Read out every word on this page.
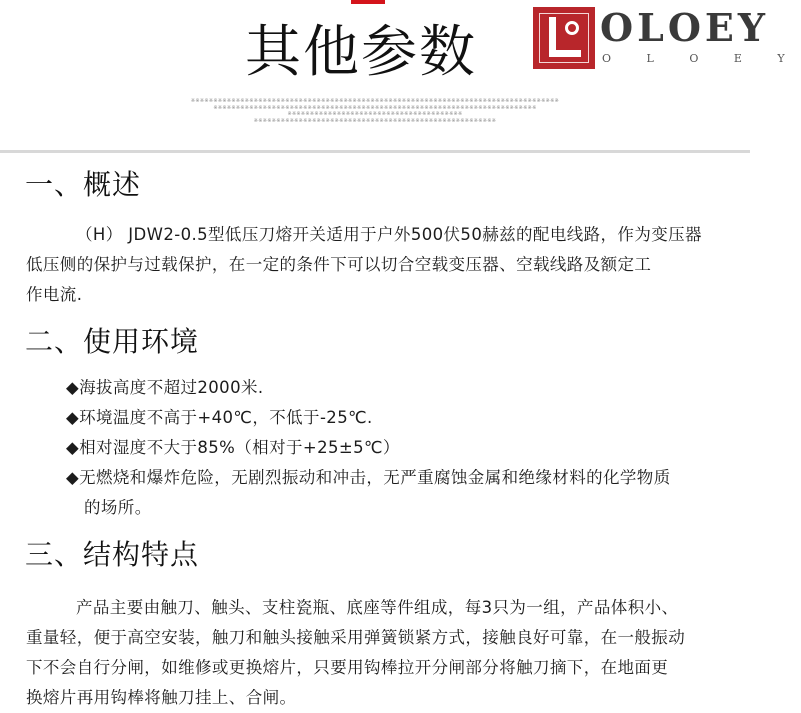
其他参数	OLOEY
O L O E Y
※※※※※※※※※※※※※※※※※※※※※※※※※※※※※※※※※※※※※※※※※※※※※※※※※※※※※※※※※※※※※※※※※※※※※※※※※※※※※※※※※※
※※※※※※※※※※※※※※※※※※※※※※※※※※※※※※※※※※※※※※※※※※※※※※※※※※※※※※※※※※※※※※※※※※※※※※※※
※※※※※※※※※※※※※※※※※※※※※※※※※※※※※※※※※※※※※※※
※※※※※※※※※※※※※※※※※※※※※※※※※※※※※※※※※※※※※※※※※※※※※※※※※※※※※※
一、概述
（H） JDW2-0.5型低压刀熔开关适用于户外500伏50赫兹的配电线路，作为变压器
低压侧的保护与过载保护，在一定的条件下可以切合空载变压器、空载线路及额定工
作电流.
二、使用环境
◆海拔高度不超过2000米.
◆环境温度不高于+40℃，不低于-25℃.
◆相对湿度不大于85%（相对于+25±5℃）
◆无燃烧和爆炸危险，无剧烈振动和冲击，无严重腐蚀金属和绝缘材料的化学物质
的场所。
三、结构特点
产品主要由触刀、触头、支柱瓷瓶、底座等件组成，每3只为一组，产品体积小、
重量轻，便于高空安装，触刀和触头接触采用弹簧锁紧方式，接触良好可靠，在一般振动
下不会自行分闸，如维修或更换熔片，只要用钩棒拉开分闸部分将触刀摘下，在地面更
换熔片再用钩棒将触刀挂上、合闸。
